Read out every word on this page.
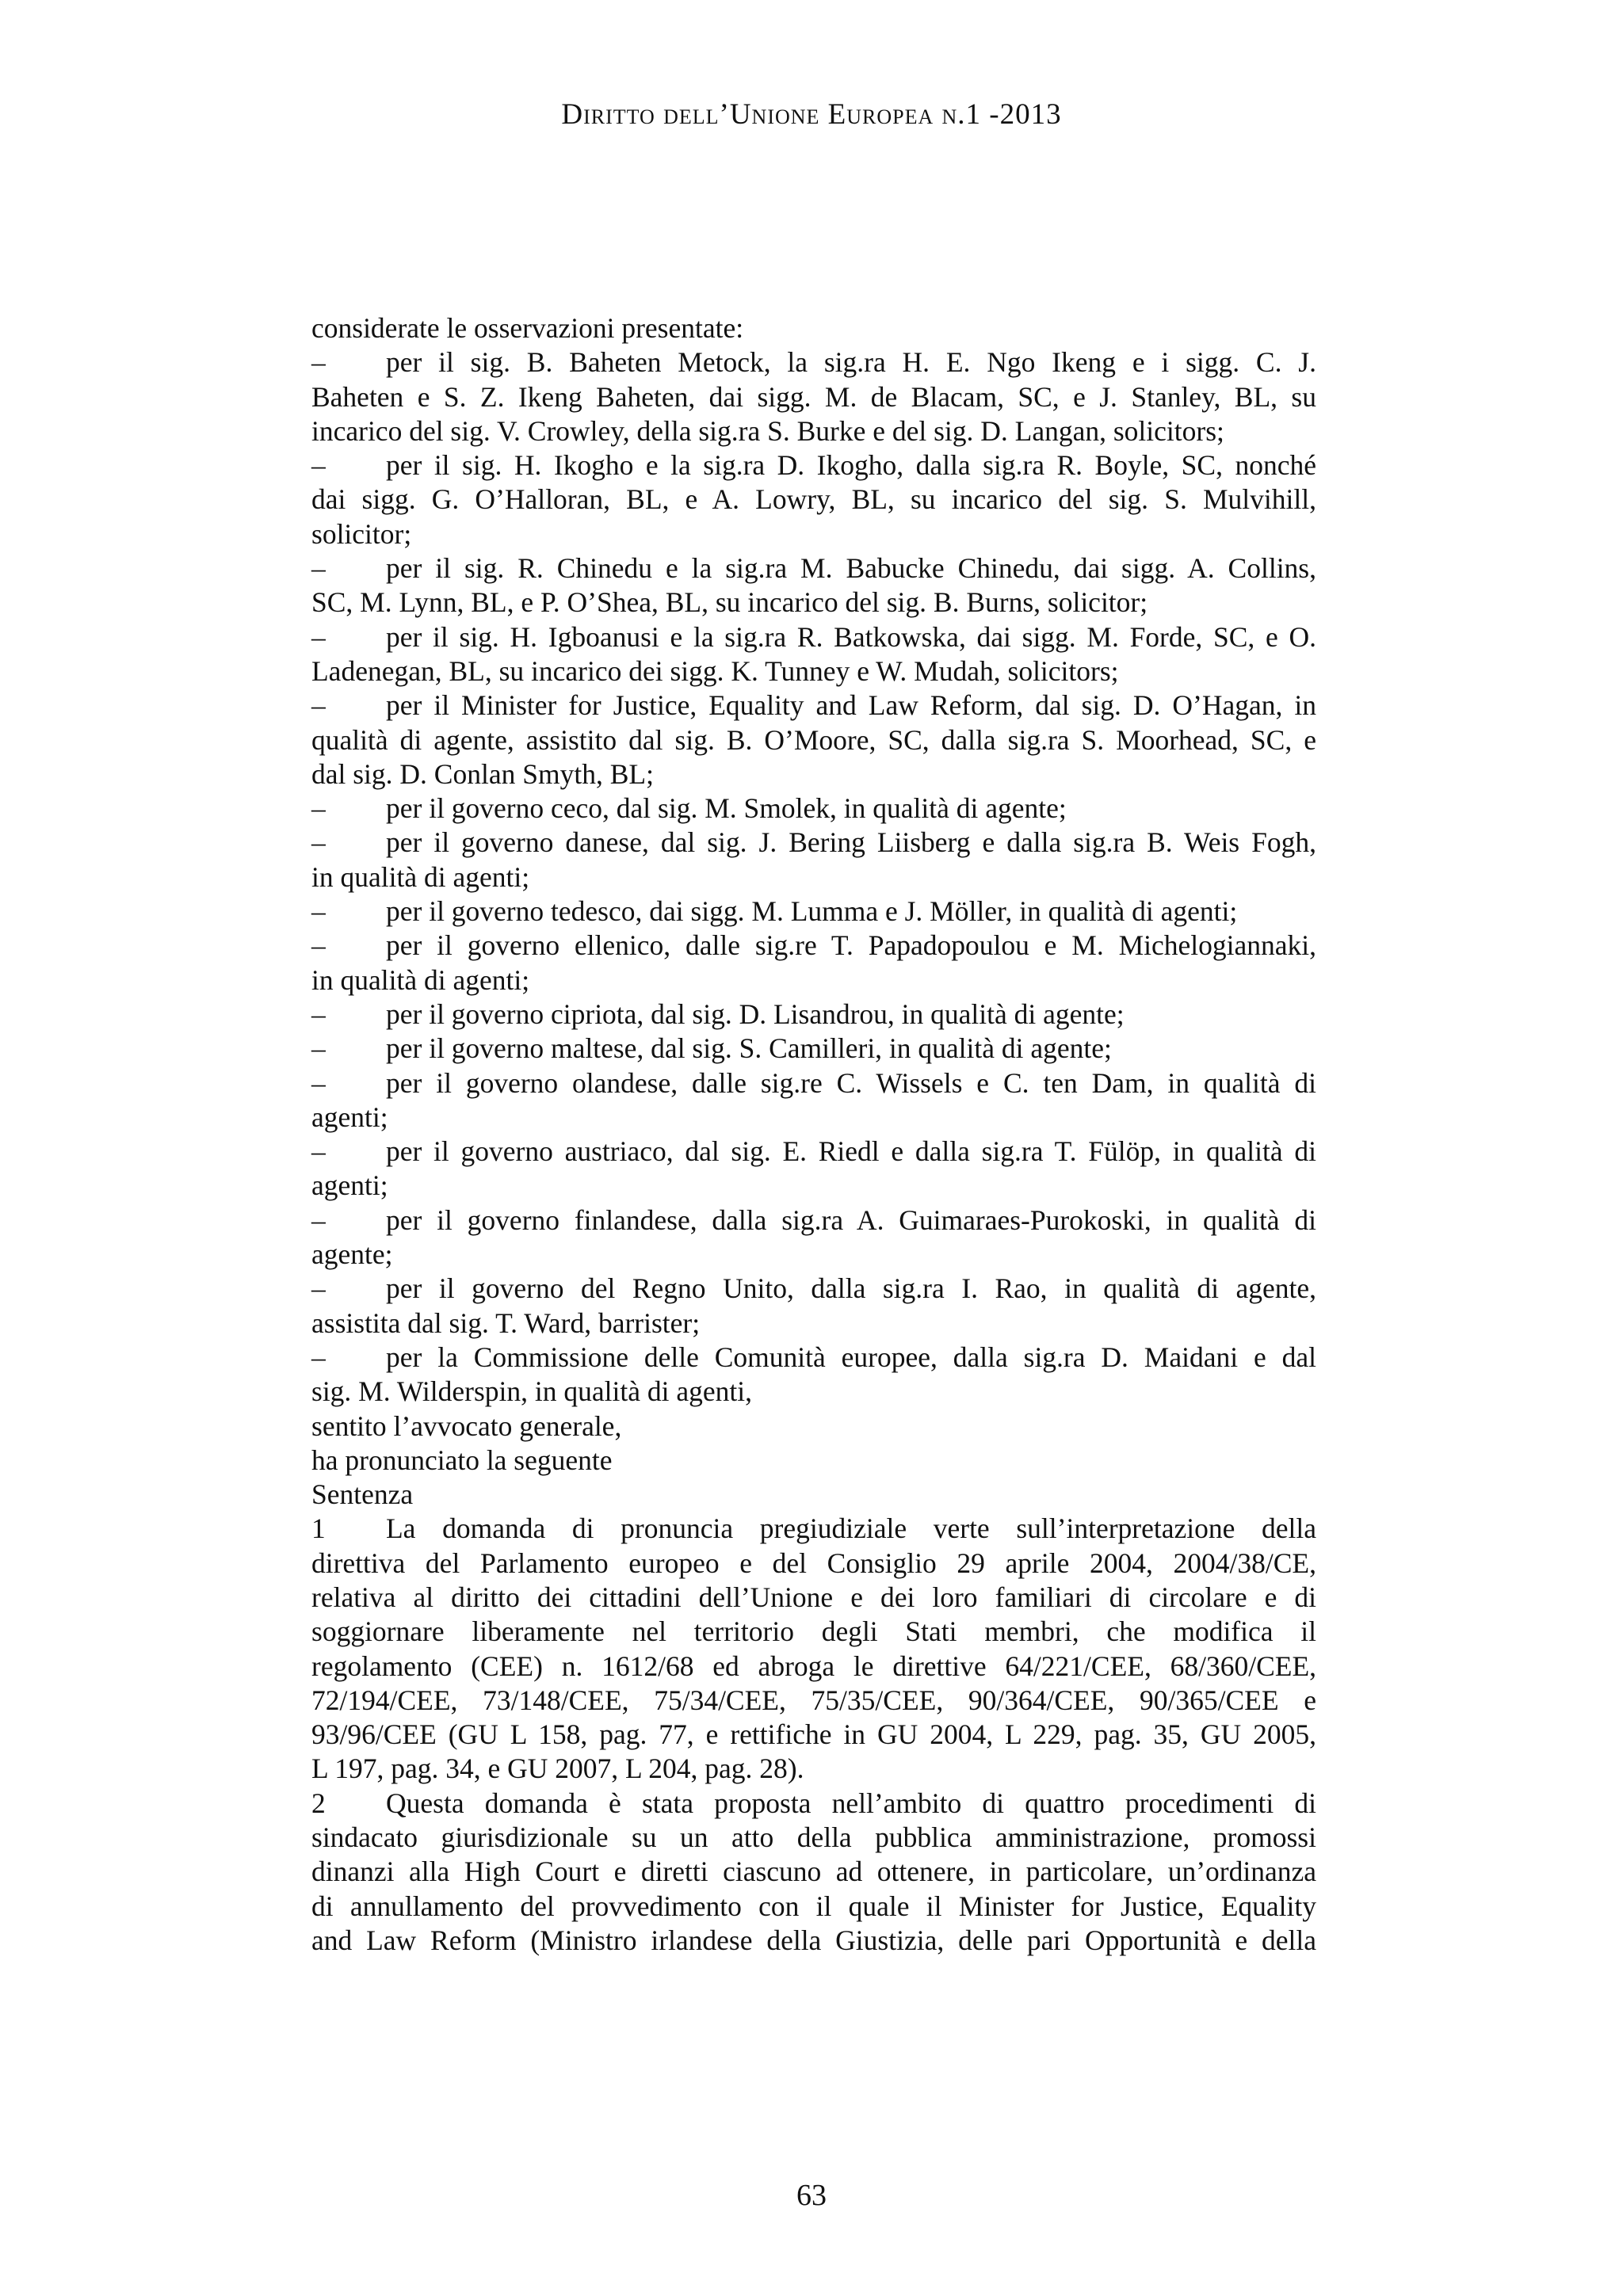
Diritto dell’Unione Europea n.1 -2013
considerate le osservazioni presentate:
– per il sig. B. Baheten Metock, la sig.ra H. E. Ngo Ikeng e i sigg. C. J.
Baheten e S. Z. Ikeng Baheten, dai sigg. M. de Blacam, SC, e J. Stanley, BL, su
incarico del sig. V. Crowley, della sig.ra S. Burke e del sig. D. Langan, solicitors;
– per il sig. H. Ikogho e la sig.ra D. Ikogho, dalla sig.ra R. Boyle, SC, nonché
dai sigg. G. O’Halloran, BL, e A. Lowry, BL, su incarico del sig. S. Mulvihill,
solicitor;
– per il sig. R. Chinedu e la sig.ra M. Babucke Chinedu, dai sigg. A. Collins,
SC, M. Lynn, BL, e P. O’Shea, BL, su incarico del sig. B. Burns, solicitor;
– per il sig. H. Igboanusi e la sig.ra R. Batkowska, dai sigg. M. Forde, SC, e O.
Ladenegan, BL, su incarico dei sigg. K. Tunney e W. Mudah, solicitors;
– per il Minister for Justice, Equality and Law Reform, dal sig. D. O’Hagan, in
qualità di agente, assistito dal sig. B. O’Moore, SC, dalla sig.ra S. Moorhead, SC, e
dal sig. D. Conlan Smyth, BL;
– per il governo ceco, dal sig. M. Smolek, in qualità di agente;
– per il governo danese, dal sig. J. Bering Liisberg e dalla sig.ra B. Weis Fogh,
in qualità di agenti;
– per il governo tedesco, dai sigg. M. Lumma e J. Möller, in qualità di agenti;
– per il governo ellenico, dalle sig.re T. Papadopoulou e M. Michelogiannaki,
in qualità di agenti;
– per il governo cipriota, dal sig. D. Lisandrou, in qualità di agente;
– per il governo maltese, dal sig. S. Camilleri, in qualità di agente;
– per il governo olandese, dalle sig.re C. Wissels e C. ten Dam, in qualità di
agenti;
– per il governo austriaco, dal sig. E. Riedl e dalla sig.ra T. Fülöp, in qualità di
agenti;
– per il governo finlandese, dalla sig.ra A. Guimaraes-Purokoski, in qualità di
agente;
– per il governo del Regno Unito, dalla sig.ra I. Rao, in qualità di agente,
assistita dal sig. T. Ward, barrister;
– per la Commissione delle Comunità europee, dalla sig.ra D. Maidani e dal
sig. M. Wilderspin, in qualità di agenti,
sentito l’avvocato generale,
ha pronunciato la seguente
Sentenza
1 La domanda di pronuncia pregiudiziale verte sull’interpretazione della
direttiva del Parlamento europeo e del Consiglio 29 aprile 2004, 2004/38/CE,
relativa al diritto dei cittadini dell’Unione e dei loro familiari di circolare e di
soggiornare liberamente nel territorio degli Stati membri, che modifica il
regolamento (CEE) n. 1612/68 ed abroga le direttive 64/221/CEE, 68/360/CEE,
72/194/CEE, 73/148/CEE, 75/34/CEE, 75/35/CEE, 90/364/CEE, 90/365/CEE e
93/96/CEE (GU L 158, pag. 77, e rettifiche in GU 2004, L 229, pag. 35, GU 2005,
L 197, pag. 34, e GU 2007, L 204, pag. 28).
2 Questa domanda è stata proposta nell’ambito di quattro procedimenti di
sindacato giurisdizionale su un atto della pubblica amministrazione, promossi
dinanzi alla High Court e diretti ciascuno ad ottenere, in particolare, un’ordinanza
di annullamento del provvedimento con il quale il Minister for Justice, Equality
and Law Reform (Ministro irlandese della Giustizia, delle pari Opportunità e della
63
